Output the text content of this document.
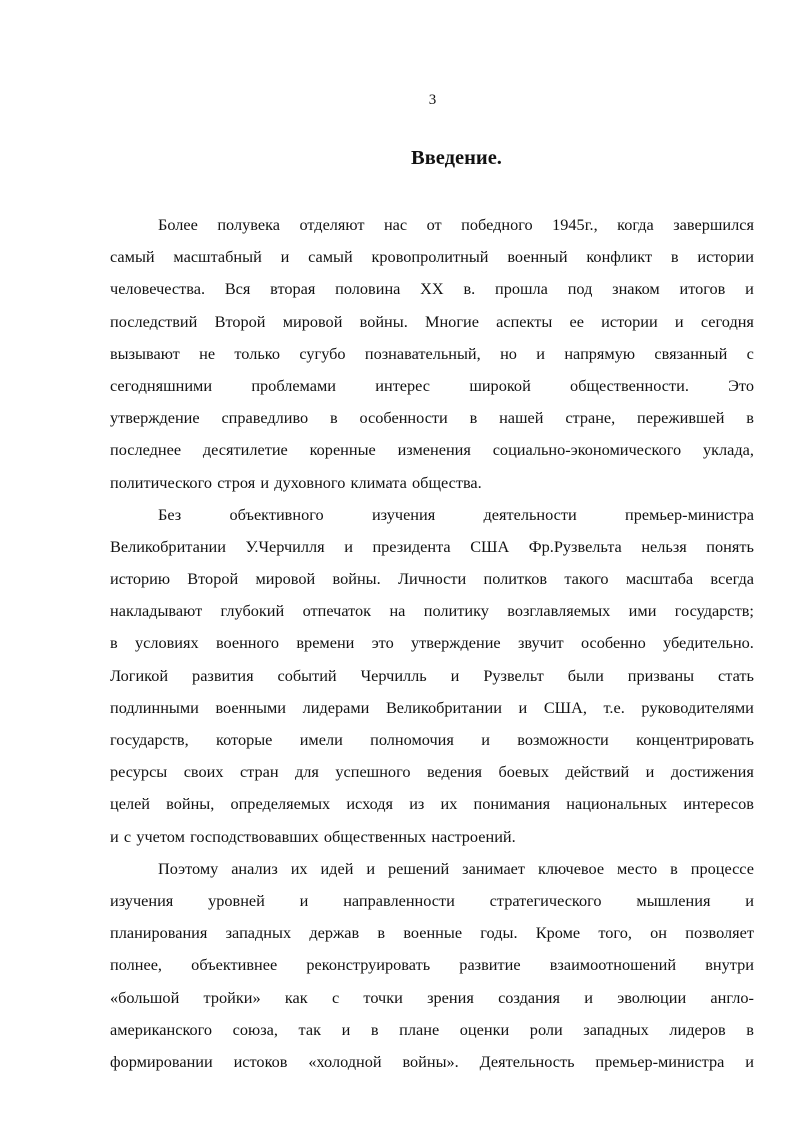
3
Введение.
Более полувека отделяют нас от победного 1945г., когда завершился
самый масштабный и самый кровопролитный военный конфликт в истории
человечества. Вся вторая половина XX в. прошла под знаком итогов и
последствий Второй мировой войны. Многие аспекты ее истории и сегодня
вызывают не только сугубо познавательный, но и напрямую связанный с
сегодняшними проблемами интерес широкой общественности. Это
утверждение справедливо в особенности в нашей стране, пережившей в
последнее десятилетие коренные изменения социально-экономического уклада,
политического строя и духовного климата общества.
Без	объективного	изучения	деятельности	премьер-министра
Великобритании У.Черчилля и президента США Фр.Рузвельта нельзя понять
историю Второй мировой войны. Личности политков такого масштаба всегда
накладывают глубокий отпечаток на политику возглавляемых ими государств;
в условиях военного времени это утверждение звучит особенно убедительно.
Логикой развития событий Черчилль и Рузвельт были призваны стать
подлинными военными лидерами Великобритании и США, т.е. руководителями
государств, которые имели полномочия и возможности концентрировать
ресурсы своих стран для успешного ведения боевых действий и достижения
целей войны, определяемых исходя из их понимания национальных интересов
и с учетом господствовавших общественных настроений.
Поэтому анализ их идей и решений занимает ключевое место в процессе
изучения уровней и направленности стратегического мышления и
планирования западных держав в военные годы. Кроме того, он позволяет
полнее, объективнее реконструировать развитие взаимоотношений внутри
«большой тройки» как с точки зрения создания и эволюции англо-
американского союза, так и в плане оценки роли западных лидеров в
формировании истоков «холодной войны». Деятельность премьер-министра и
